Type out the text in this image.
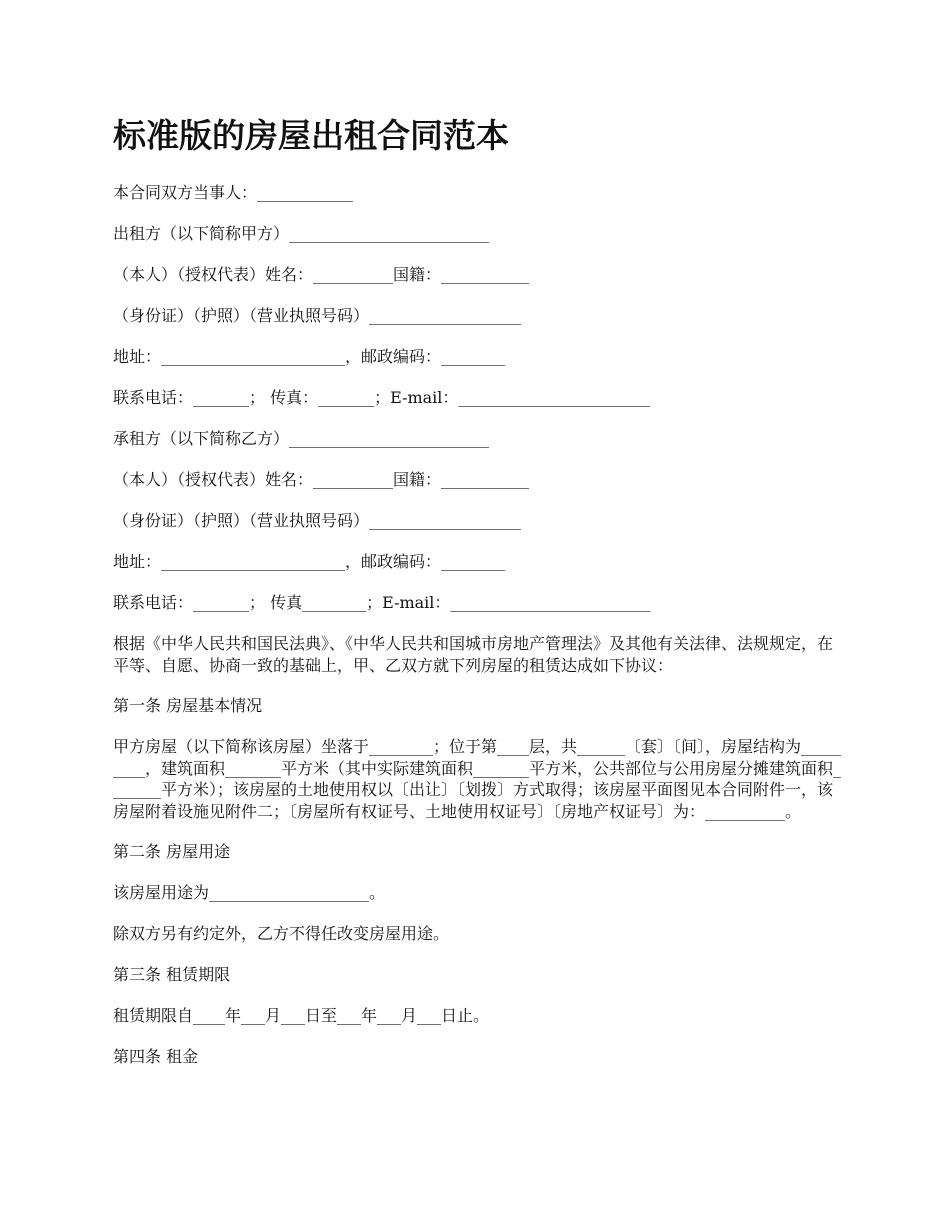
标准版的房屋出租合同范本

本合同双方当事人：____________

出租方（以下简称甲方）_________________________

（本人）（授权代表）姓名：__________国籍：___________

（身份证）（护照）（营业执照号码）___________________

地址：_______________________，邮政编码：________

联系电话：_______； 传真：_______；E-mail：________________________

承租方（以下简称乙方）_________________________

（本人）（授权代表）姓名：__________国籍：___________

（身份证）（护照）（营业执照号码）___________________

地址：_______________________，邮政编码：________

联系电话：_______； 传真________；E-mail：_________________________

根据《中华人民共和国民法典》、《中华人民共和国城市房地产管理法》及其他有关法律、法规规定，在平等、自愿、协商一致的基础上，甲、乙双方就下列房屋的租赁达成如下协议：

第一条 房屋基本情况

甲方房屋（以下简称该房屋）坐落于________；位于第____层，共______〔套〕〔间〕，房屋结构为_________，建筑面积_______平方米（其中实际建筑面积_______平方米，公共部位与公用房屋分摊建筑面积_______平方米）；该房屋的土地使用权以〔出让〕〔划拨〕方式取得；该房屋平面图见本合同附件一，该房屋附着设施见附件二；〔房屋所有权证号、土地使用权证号〕〔房地产权证号〕为：__________。

第二条 房屋用途

该房屋用途为____________________。

除双方另有约定外，乙方不得任改变房屋用途。

第三条 租赁期限

租赁期限自____年___月___日至___年___月___日止。

第四条 租金
